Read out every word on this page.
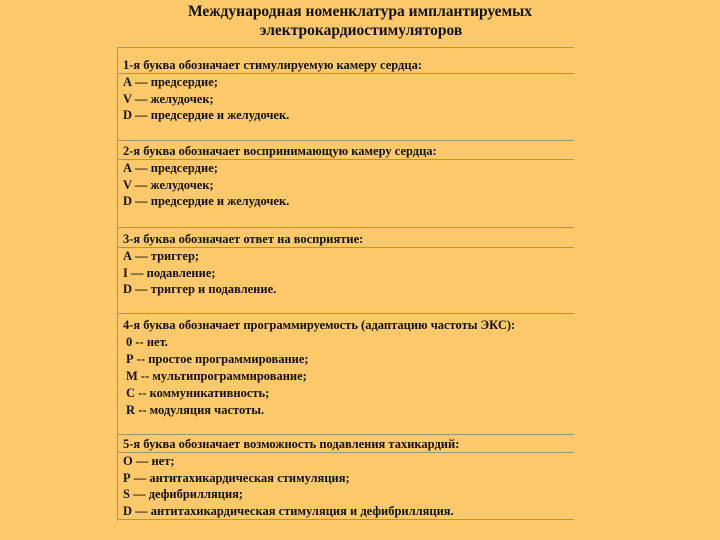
Международная номенклатура имплантируемых
электрокардиостимуляторов
1-я буква обозначает стимулируемую камеру сердца:
А — предсердие;
V — желудочек;
D — предсердие и желудочек.
2-я буква обозначает воспринимающую камеру сердца:
А — предсердие;
V — желудочек;
D — предсердие и желудочек.
3-я буква обозначает ответ на восприятие:
А — триггер;
I — подавление;
D — триггер и подавление.
4-я буква обозначает программируемость (адаптацию частоты ЭКС):
0 -- нет.
Р -- простое программирование;
М -- мультипрограммирование;
С -- коммуникативность;
R -- модуляция частоты.
5-я буква обозначает возможность подавления тахикардий:
О — нет;
Р — антитахикардическая стимуляция;
S — дефибрилляция;
D — антитахикардическая стимуляция и дефибрилляция.
